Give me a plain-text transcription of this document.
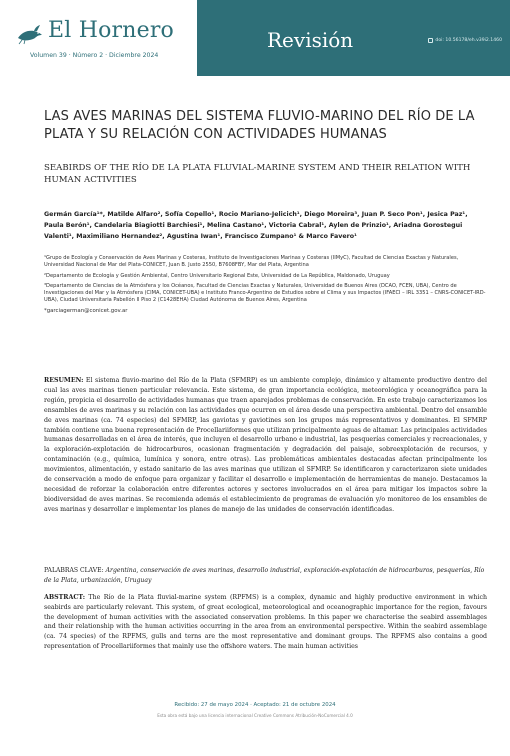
El Hornero
Volumen 39 · Número 2 · Diciembre 2024
Revisión	doi: 10.56178/eh.v39i2.1460
LAS AVES MARINAS DEL SISTEMA FLUVIO-MARINO DEL RÍO DE LA PLATA Y SU RELACIÓN CON ACTIVIDADES HUMANAS
SEABIRDS OF THE RÍO DE LA PLATA FLUVIAL-MARINE SYSTEM AND THEIR RELATION WITH HUMAN ACTIVITIES
Germán García¹*, Matilde Alfaro², Sofía Copello¹, Rocio Mariano-Jelicich¹, Diego Moreira³, Juan P. Seco Pon¹, Jesica Paz¹, Paula Berón¹, Candelaria Biagiotti Barchiesi¹, Melina Castano¹, Victoria Cabral¹, Aylen de Prinzio¹, Ariadna Gorostegui Valenti¹, Maximiliano Hernandez², Agustina Iwan¹, Francisco Zumpano¹ & Marco Favero¹
¹Grupo de Ecología y Conservación de Aves Marinas y Costeras, Instituto de Investigaciones Marinas y Costeras (IIMyC), Facultad de Ciencias Exactas y Naturales, Universidad Nacional de Mar del Plata-CONICET, Juan B. Justo 2550, B7608FBY, Mar del Plata, Argentina
²Departamento de Ecología y Gestión Ambiental, Centro Universitario Regional Este, Universidad de La República, Maldonado, Uruguay
³Departamento de Ciencias de la Atmósfera y los Océanos, Facultad de Ciencias Exactas y Naturales, Universidad de Buenos Aires (DCAO, FCEN, UBA), Centro de Investigaciones del Mar y la Atmósfera (CIMA, CONICET-UBA) e Instituto Franco-Argentino de Estudios sobre el Clima y sus Impactos (IFAECI – IRL 3351 – CNRS-CONICET-IRD-UBA), Ciudad Universitaria Pabellón II Piso 2 (C1428EHA) Ciudad Autónoma de Buenos Aires, Argentina
*garciagerman@conicet.gov.ar
RESUMEN: El sistema fluvio-marino del Río de la Plata (SFMRP) es un ambiente complejo, dinámico y altamente productivo dentro del cual las aves marinas tienen particular relevancia. Este sistema, de gran importancia ecológica, meteorológica y oceanográfica para la región, propicia el desarrollo de actividades humanas que traen aparejados problemas de conservación. En este trabajo caracterizamos los ensambles de aves marinas y su relación con las actividades que ocurren en el área desde una perspectiva ambiental. Dentro del ensamble de aves marinas (ca. 74 especies) del SFMRP, las gaviotas y gaviotines son los grupos más representativos y dominantes. El SFMRP también contiene una buena representación de Procellariiformes que utilizan principalmente aguas de altamar. Las principales actividades humanas desarrolladas en el área de interés, que incluyen el desarrollo urbano e industrial, las pesquerías comerciales y recreacionales, y la exploración-explotación de hidrocarburos, ocasionan fragmentación y degradación del paisaje, sobreexplotación de recursos, y contaminación (e.g., química, lumínica y sonora, entre otras). Las problemáticas ambientales destacadas afectan principalmente los movimientos, alimentación, y estado sanitario de las aves marinas que utilizan el SFMRP. Se identificaron y caracterizaron siete unidades de conservación a modo de enfoque para organizar y facilitar el desarrollo e implementación de herramientas de manejo. Destacamos la necesidad de reforzar la colaboración entre diferentes actores y sectores involucrados en el área para mitigar los impactos sobre la biodiversidad de aves marinas. Se recomienda además el establecimiento de programas de evaluación y/o monitoreo de los ensambles de aves marinas y desarrollar e implementar los planes de manejo de las unidades de conservación identificadas.
PALABRAS CLAVE: Argentina, conservación de aves marinas, desarrollo industrial, exploración-explotación de hidrocarburos, pesquerías, Río de la Plata, urbanización, Uruguay
ABSTRACT: The Río de la Plata fluvial-marine system (RPFMS) is a complex, dynamic and highly productive environment in which seabirds are particularly relevant. This system, of great ecological, meteorological and oceanographic importance for the region, favours the development of human activities with the associated conservation problems. In this paper we characterise the seabird assemblages and their relationship with the human activities occurring in the area from an environmental perspective. Within the seabird assemblage (ca. 74 species) of the RPFMS, gulls and terns are the most representative and dominant groups. The RPFMS also contains a good representation of Procellariiformes that mainly use the offshore waters. The main human activities
Recibido: 27 de mayo 2024 · Aceptado: 21 de octubre 2024
Esta obra está bajo una licencia internacional Creative Commons Atribución-NoComercial 4.0
